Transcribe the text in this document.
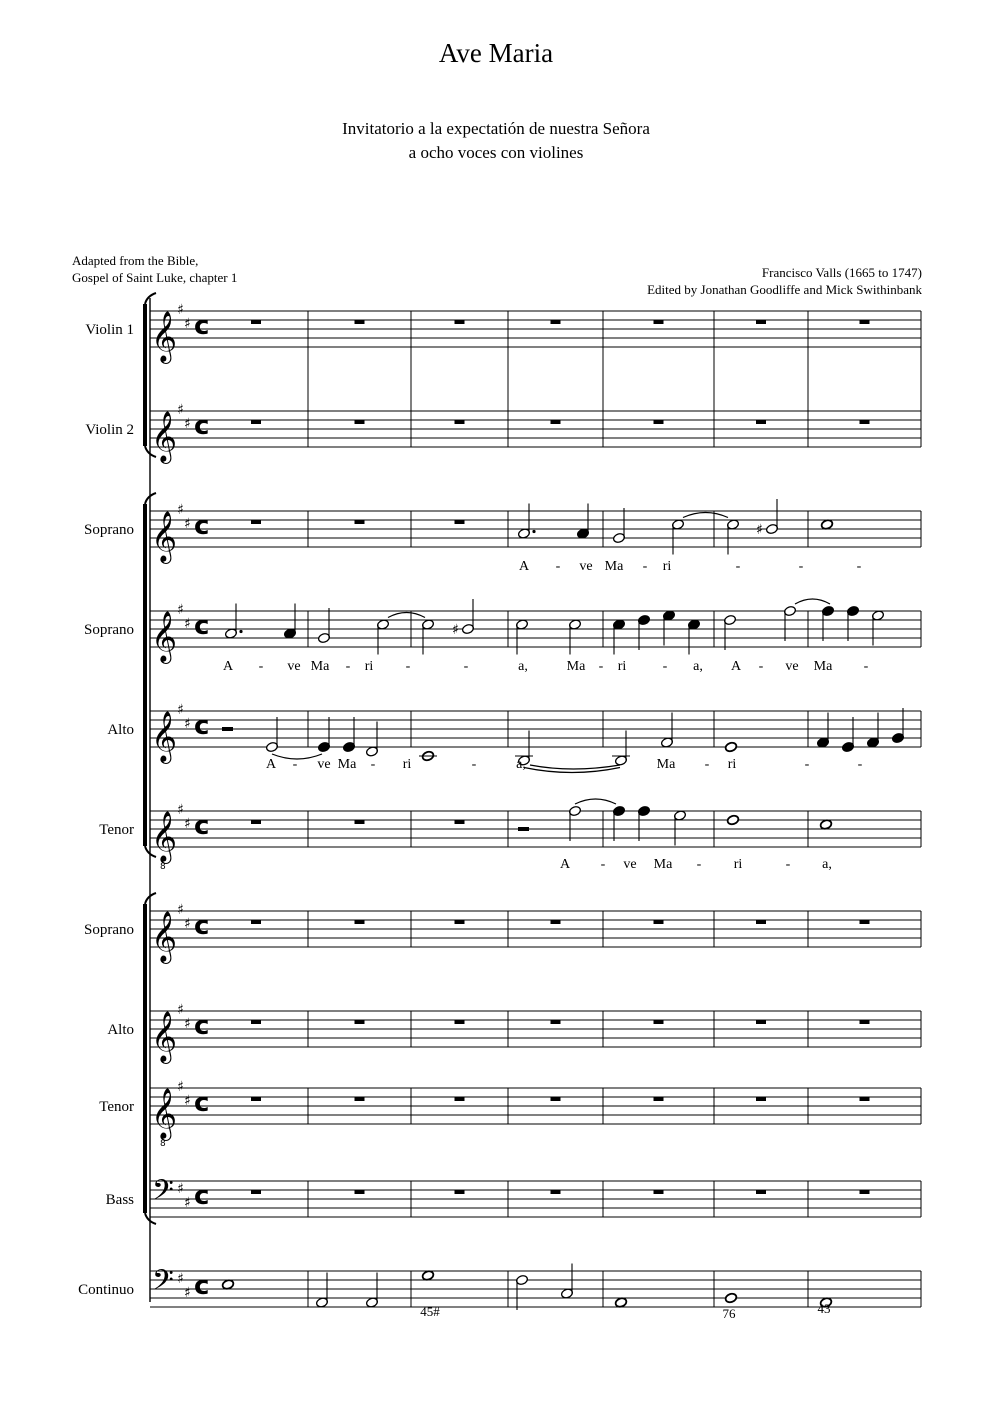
Ave Maria
Invitatorio a la expectatión de nuestra Señora
a ocho voces con violines
Adapted from the Bible,
Gospel of Saint Luke, chapter 1	Francisco Valls (1665 to 1747)
Edited by Jonathan Goodliffe and Mick Swithinbank
Violin 1 𝄞
♯
♯ c
Violin 2 𝄞
♯
♯ c
Soprano 𝄞
♯
♯ c
Soprano 𝄞
♯
♯ c
Alto 𝄞
♯
♯ c
Tenor 𝄞
8
♯
♯ c
Soprano 𝄞
♯
♯ c
Alto 𝄞
♯
♯ c
Tenor 𝄞
8
♯
♯ c
Bass 𝄢 ♯
♯ c
Continuo 𝄢 ♯
♯ c
♯
♯
A - ve Ma - ri	-	-	-
A - ve Ma - ri -	-	a,	Ma - ri	- a, A - ve Ma -
A - ve Ma - ri	-	a,	Ma - ri	-	-
A - ve Ma - ri	- a,
45#	76	43
